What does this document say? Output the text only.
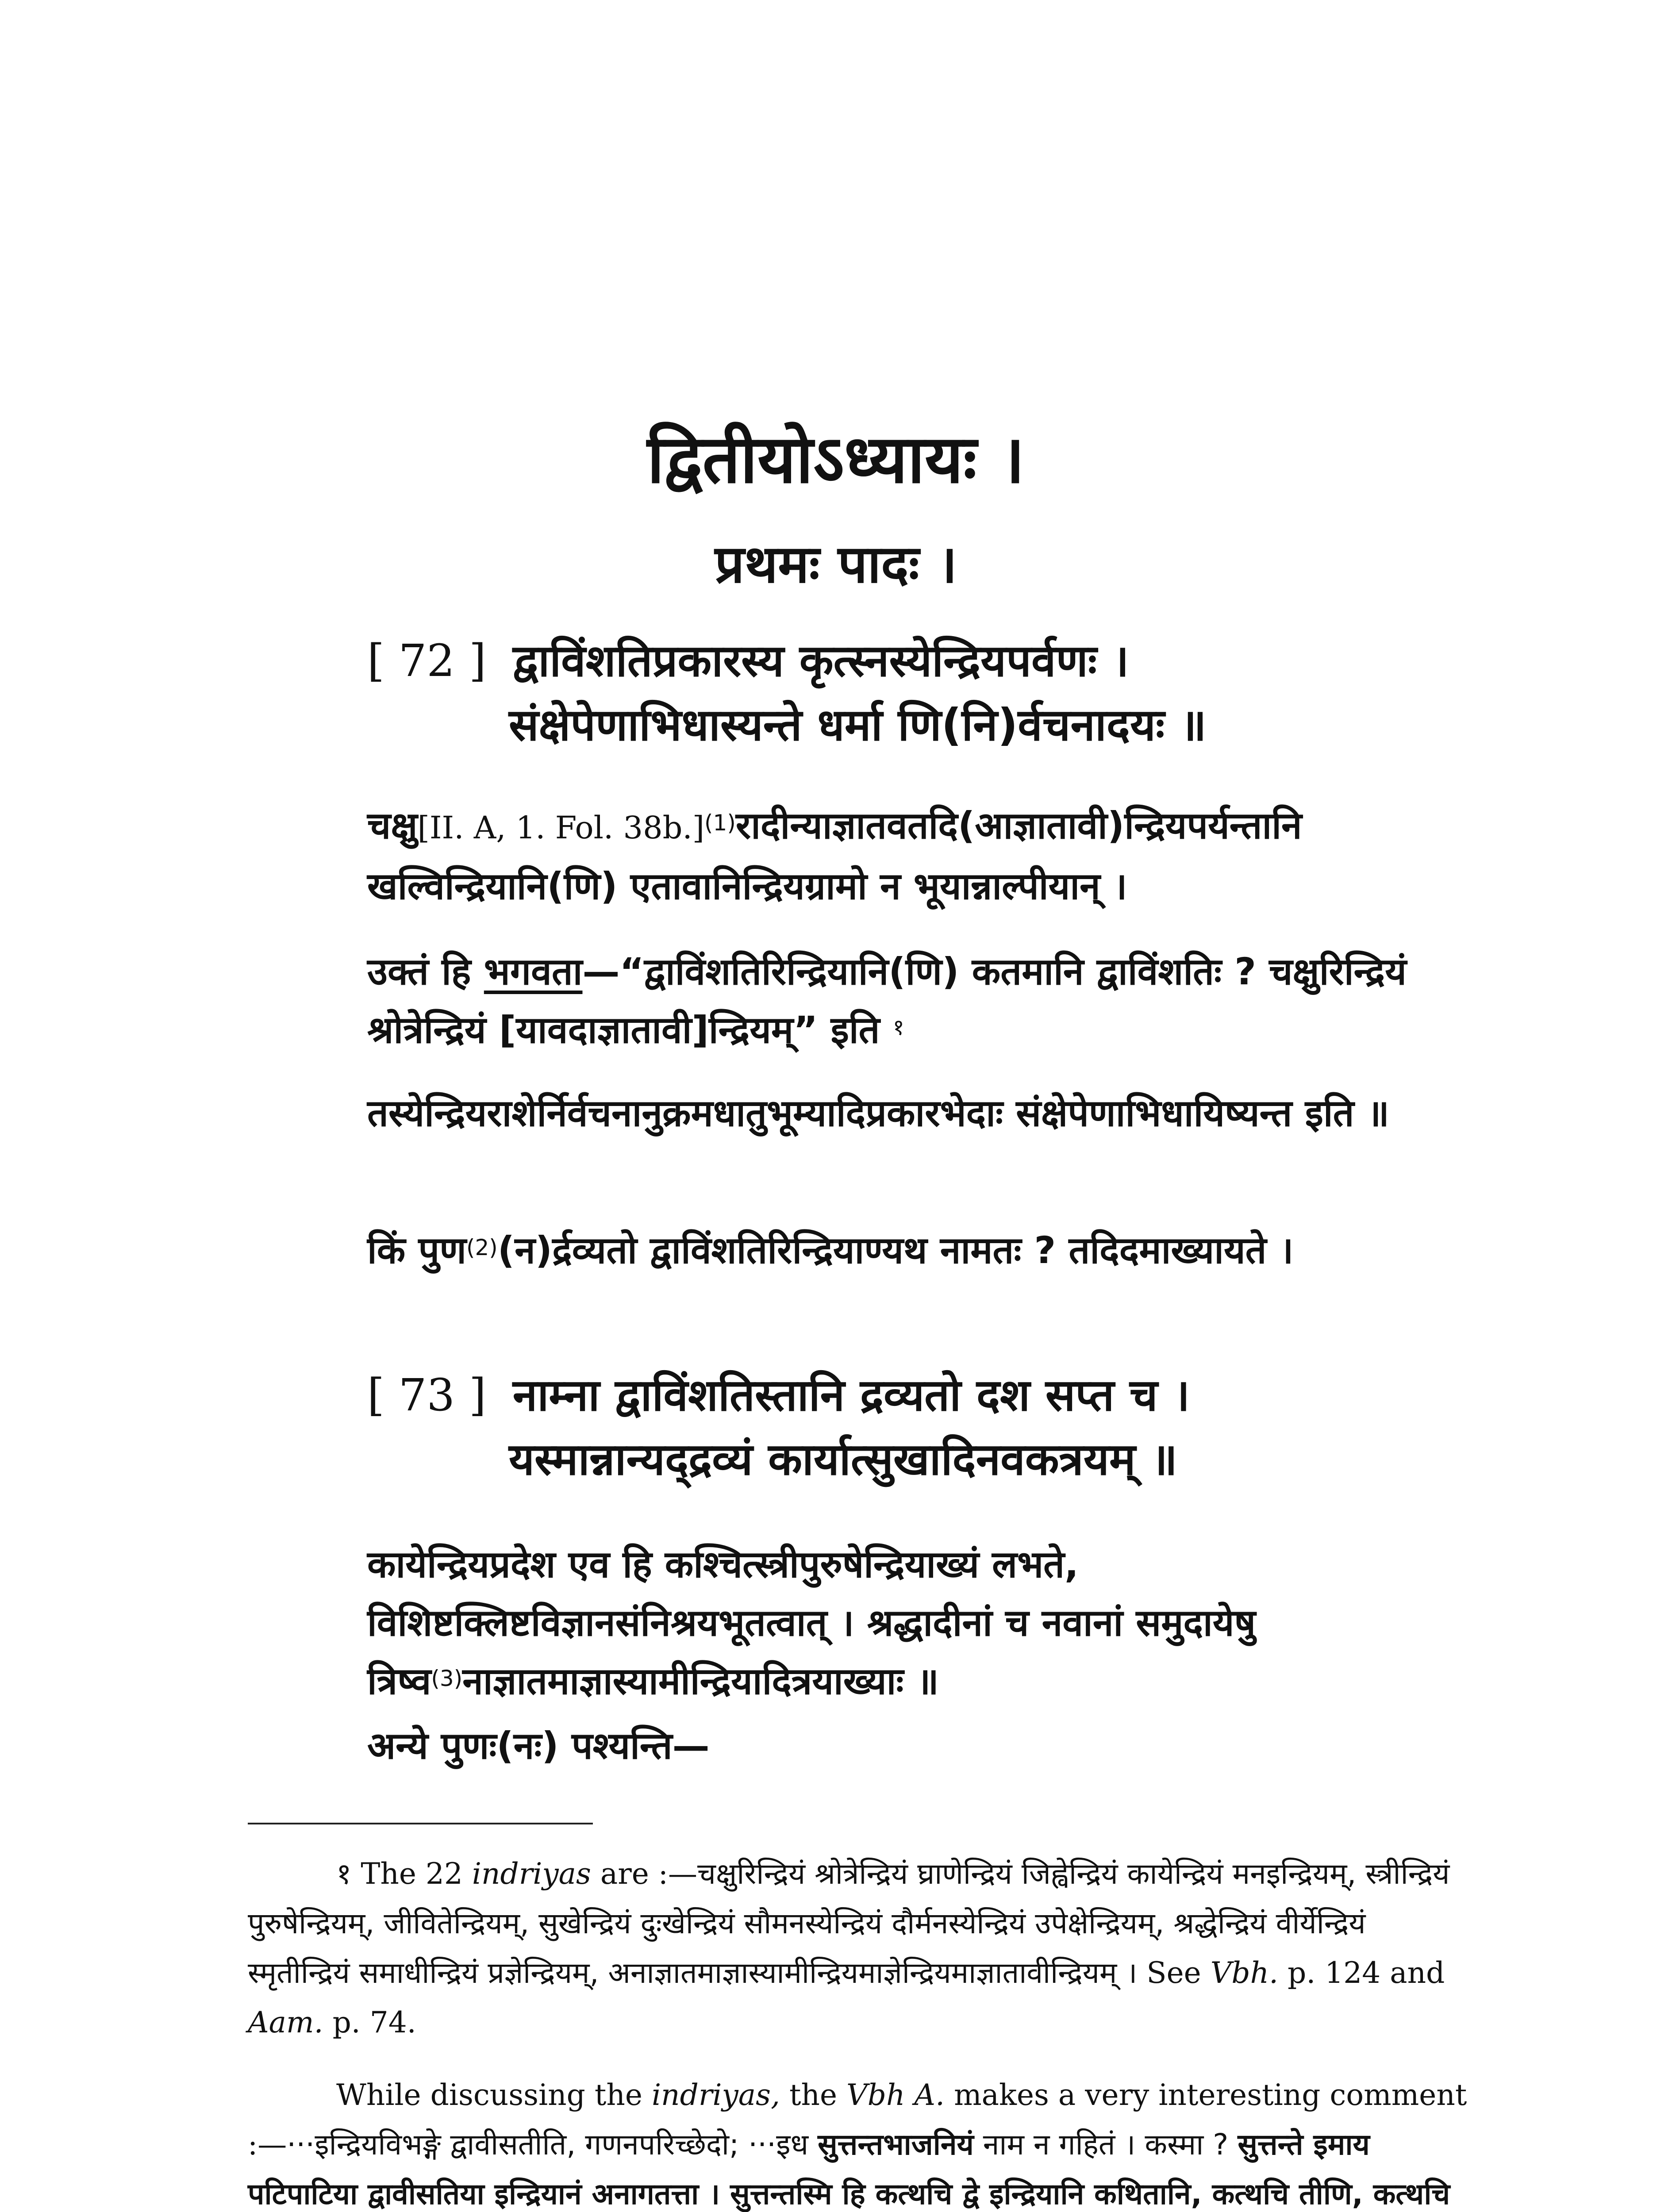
द्वितीयोऽध्यायः ।
प्रथमः पादः ।
[ 72 ] द्वाविंशतिप्रकारस्य कृत्स्नस्येन्द्रियपर्वणः ।
संक्षेपेणाभिधास्यन्ते धर्मा णि(नि)र्वचनादयः ॥
चक्षु[II. A, 1. Fol. 38b.]$^{(1)}$रादीन्याज्ञातवतदि(आज्ञातावी)न्द्रियपर्यन्तानि खल्विन्द्रियानि(णि) एतावानिन्द्रियग्रामो न भूयान्नाल्पीयान् ।
उक्तं हि भगवता—“द्वाविंशतिरिन्द्रियानि(णि) कतमानि द्वाविंशतिः ? चक्षुरिन्द्रियं श्रोत्रेन्द्रियं [यावदाज्ञातावी]न्द्रियम्” इति $^१$
तस्येन्द्रियराशेर्निर्वचनानुक्रमधातुभूम्यादिप्रकारभेदाः संक्षेपेणाभिधायिष्यन्त इति ॥
किं पुण$^{(2)}$(न)र्द्रव्यतो द्वाविंशतिरिन्द्रियाण्यथ नामतः ? तदिदमाख्यायते ।
[ 73 ] नाम्ना द्वाविंशतिस्तानि द्रव्यतो दश सप्त च ।
यस्मान्नान्यद्द्रव्यं कार्यात्सुखादिनवकत्रयम् ॥
कायेन्द्रियप्रदेश एव हि कश्चित्स्त्रीपुरुषेन्द्रियाख्यं लभते, विशिष्टक्लिष्टविज्ञानसंनिश्रयभूतत्वात् । श्रद्धादीनां च नवानां समुदायेषु त्रिष्व$^{(3)}$नाज्ञातमाज्ञास्यामीन्द्रियादित्रयाख्याः ॥
अन्ये पुणः(नः) पश्यन्ति—
१ The 22 indriyas are :—चक्षुरिन्द्रियं श्रोत्रेन्द्रियं घ्राणेन्द्रियं जिह्वेन्द्रियं कायेन्द्रियं मनइन्द्रियम्, स्त्रीन्द्रियं पुरुषेन्द्रियम्, जीवितेन्द्रियम्, सुखेन्द्रियं दुःखेन्द्रियं सौमनस्येन्द्रियं दौर्मनस्येन्द्रियं उपेक्षेन्द्रियम्, श्रद्धेन्द्रियं वीर्येन्द्रियं स्मृतीन्द्रियं समाधीन्द्रियं प्रज्ञेन्द्रियम्, अनाज्ञातमाज्ञास्यामीन्द्रियमाज्ञेन्द्रियमाज्ञातावीन्द्रियम् । See Vbh. p. 124 and Aam. p. 74.
While discussing the indriyas, the Vbh A. makes a very interesting comment :—···इन्द्रियविभङ्गे द्वावीसतीति, गणनपरिच्छेदो; ···इध सुत्तन्तभाजनियं नाम न गहितं । कस्मा ? सुत्तन्ते इमाय पटिपाटिया द्वावीसतिया इन्द्रियानं अनागतत्ता । सुत्तन्तस्मि हि कत्थचि द्वे इन्द्रियानि कथितानि, कत्थचि तीणि, कत्थचि
